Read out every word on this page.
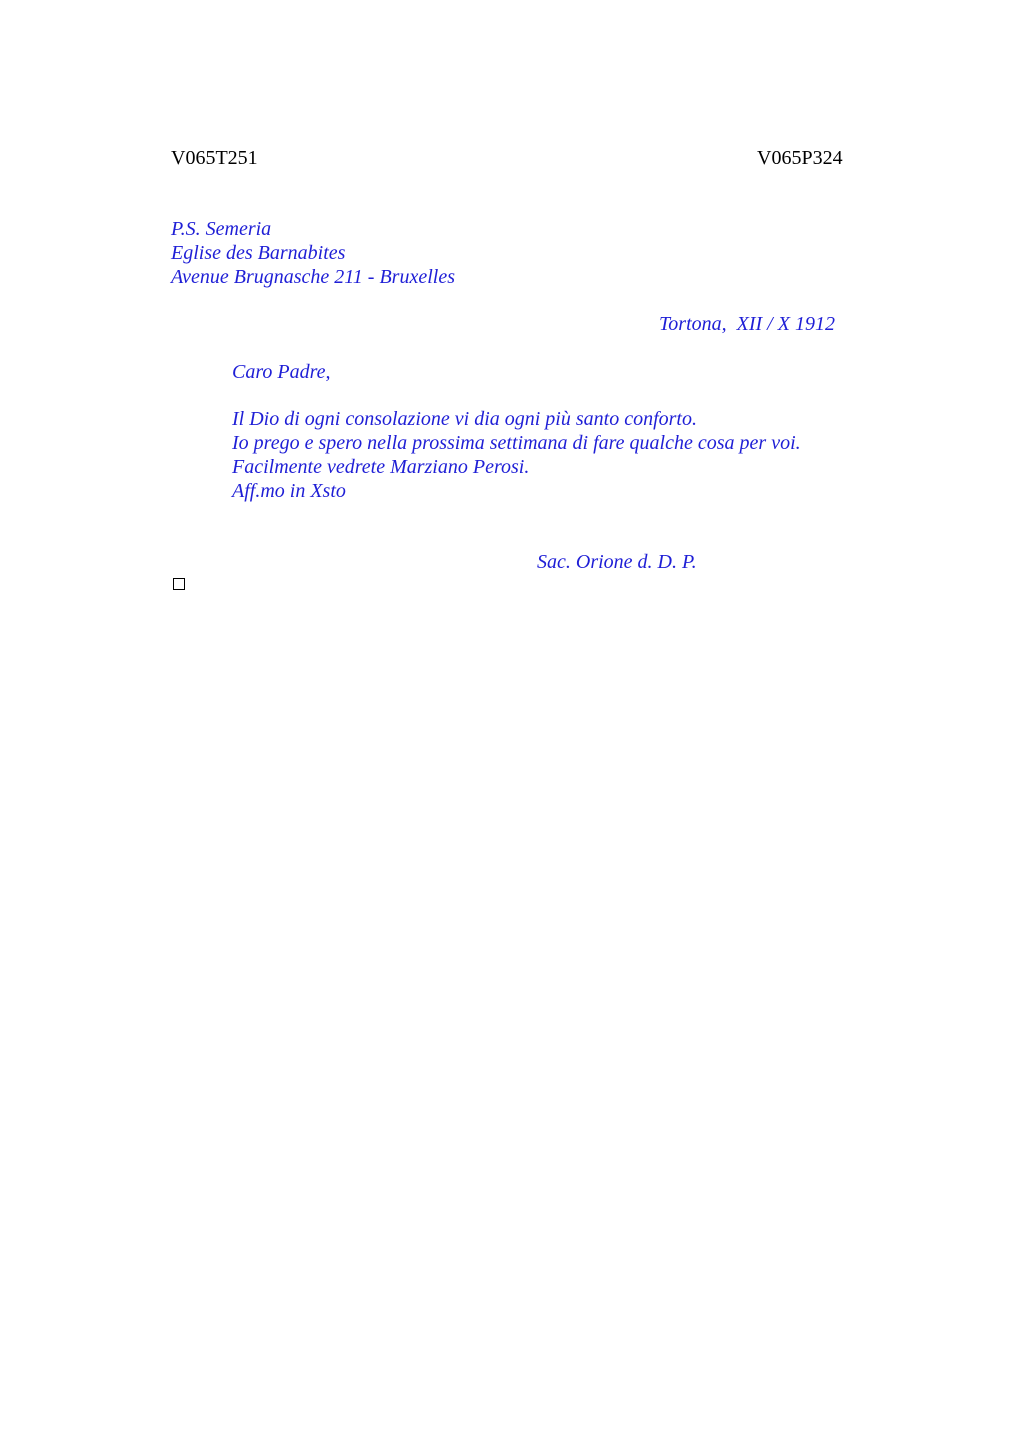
V065T251	V065P324
P.S. Semeria
Eglise des Barnabites
Avenue Brugnasche 211 - Bruxelles
Tortona,  XII / X 1912
Caro Padre,
Il Dio di ogni consolazione vi dia ogni più santo conforto.
Io prego e spero nella prossima settimana di fare qualche cosa per voi.
Facilmente vedrete Marziano Perosi.
Aff.mo in Xsto
Sac. Orione d. D. P.
